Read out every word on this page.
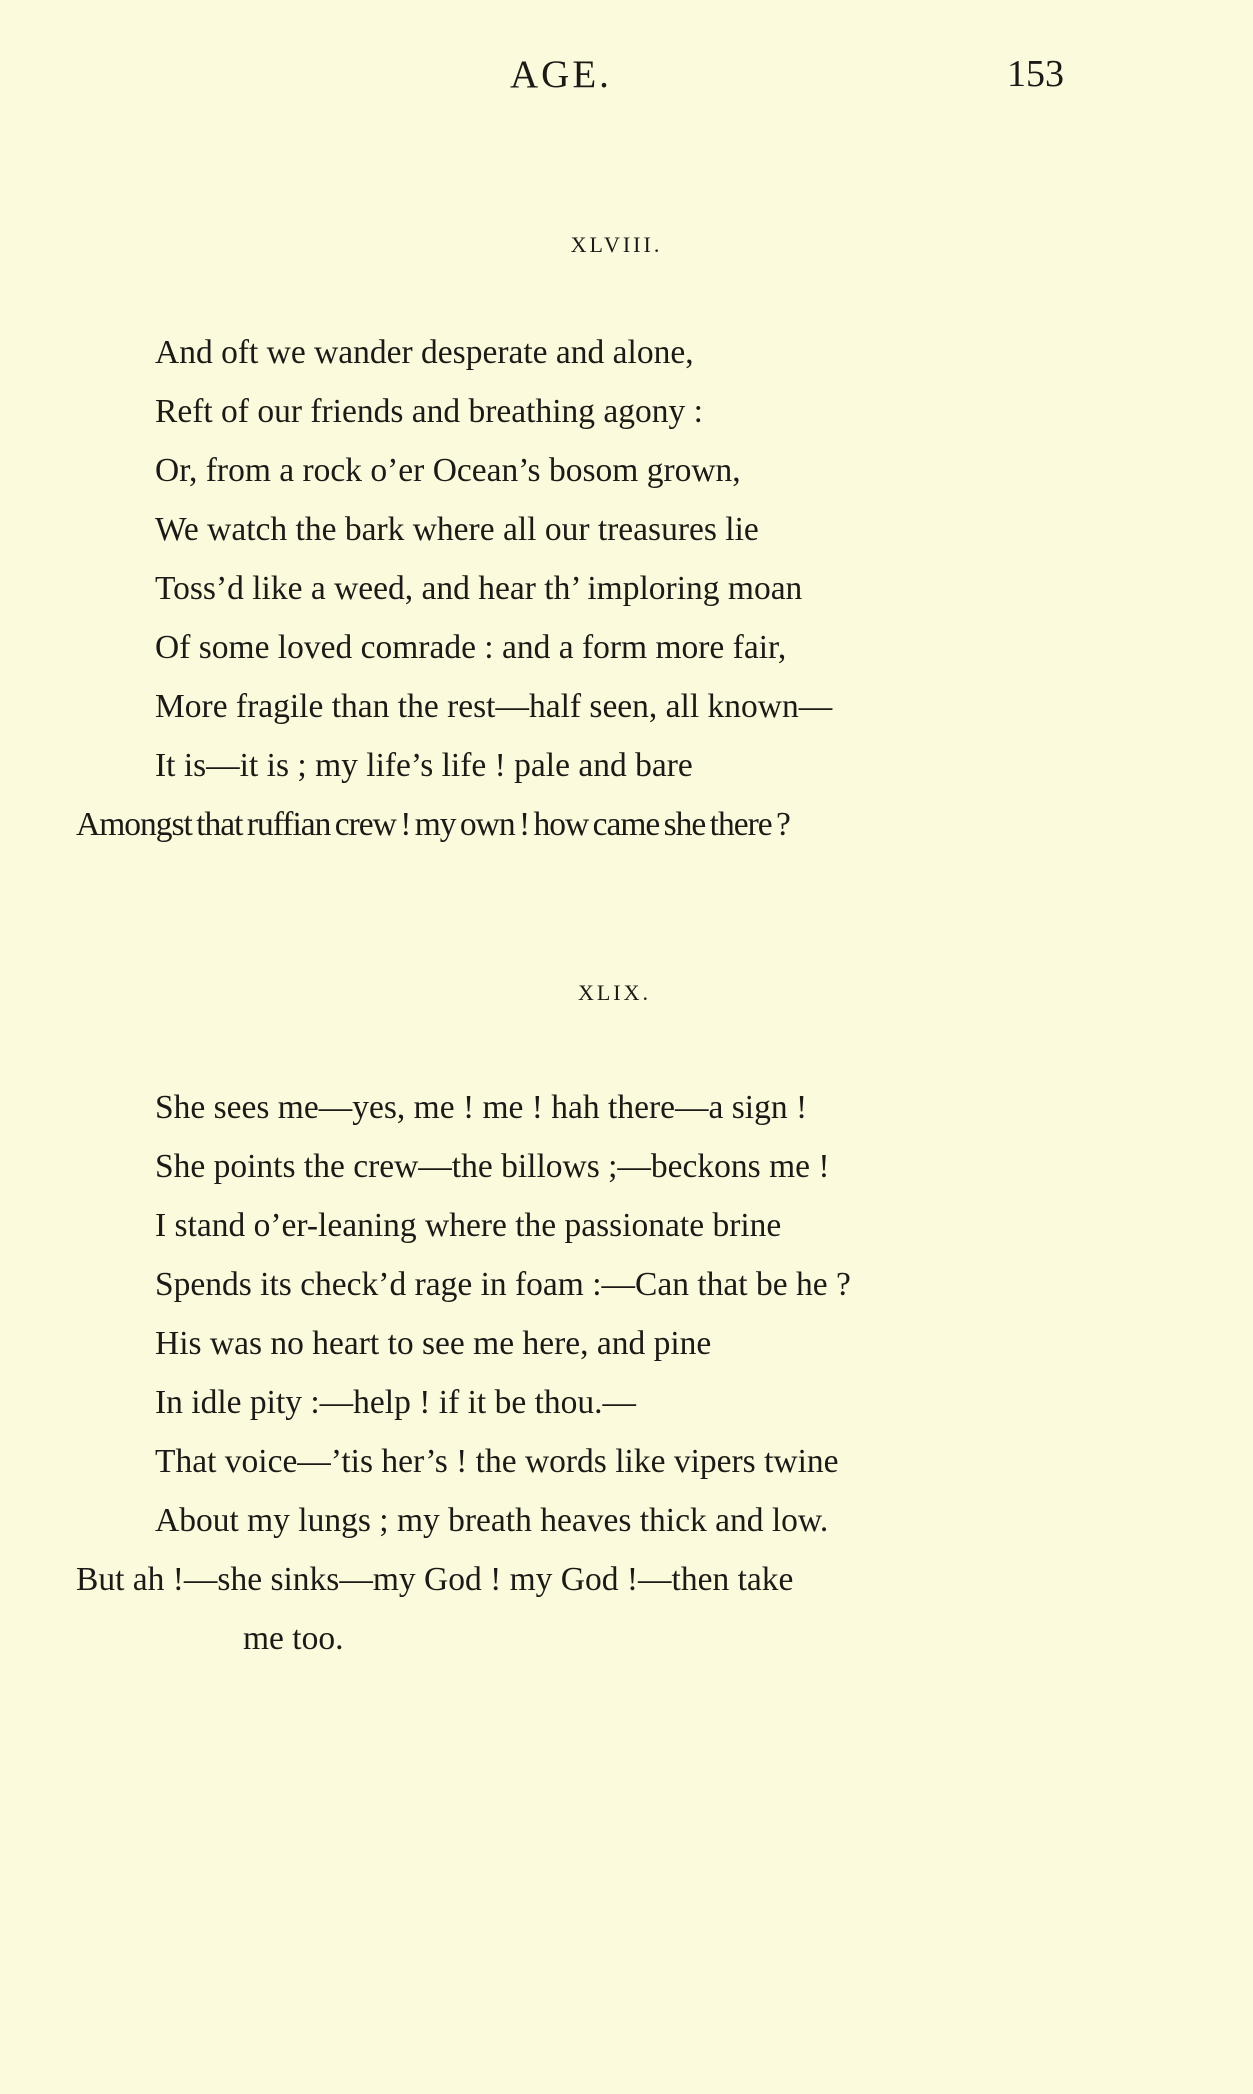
AGE.	153
XLVIII.
And oft we wander desperate and alone,
Reft of our friends and breathing agony :
Or, from a rock o’er Ocean’s bosom grown,
We watch the bark where all our treasures lie
Toss’d like a weed, and hear th’ imploring moan
Of some loved comrade : and a form more fair,
More fragile than the rest—half seen, all known—
It is—it is ; my life’s life ! pale and bare
Amongst that ruffian crew ! my own ! how came she there ?
XLIX.
She sees me—yes, me ! me ! hah there—a sign !
She points the crew—the billows ;—beckons me !
I stand o’er-leaning where the passionate brine
Spends its check’d rage in foam :—Can that be he ?
His was no heart to see me here, and pine
In idle pity :—help ! if it be thou.—
That voice—’tis her’s ! the words like vipers twine
About my lungs ; my breath heaves thick and low.
But ah !—she sinks—my God ! my God !—then take
me too.
